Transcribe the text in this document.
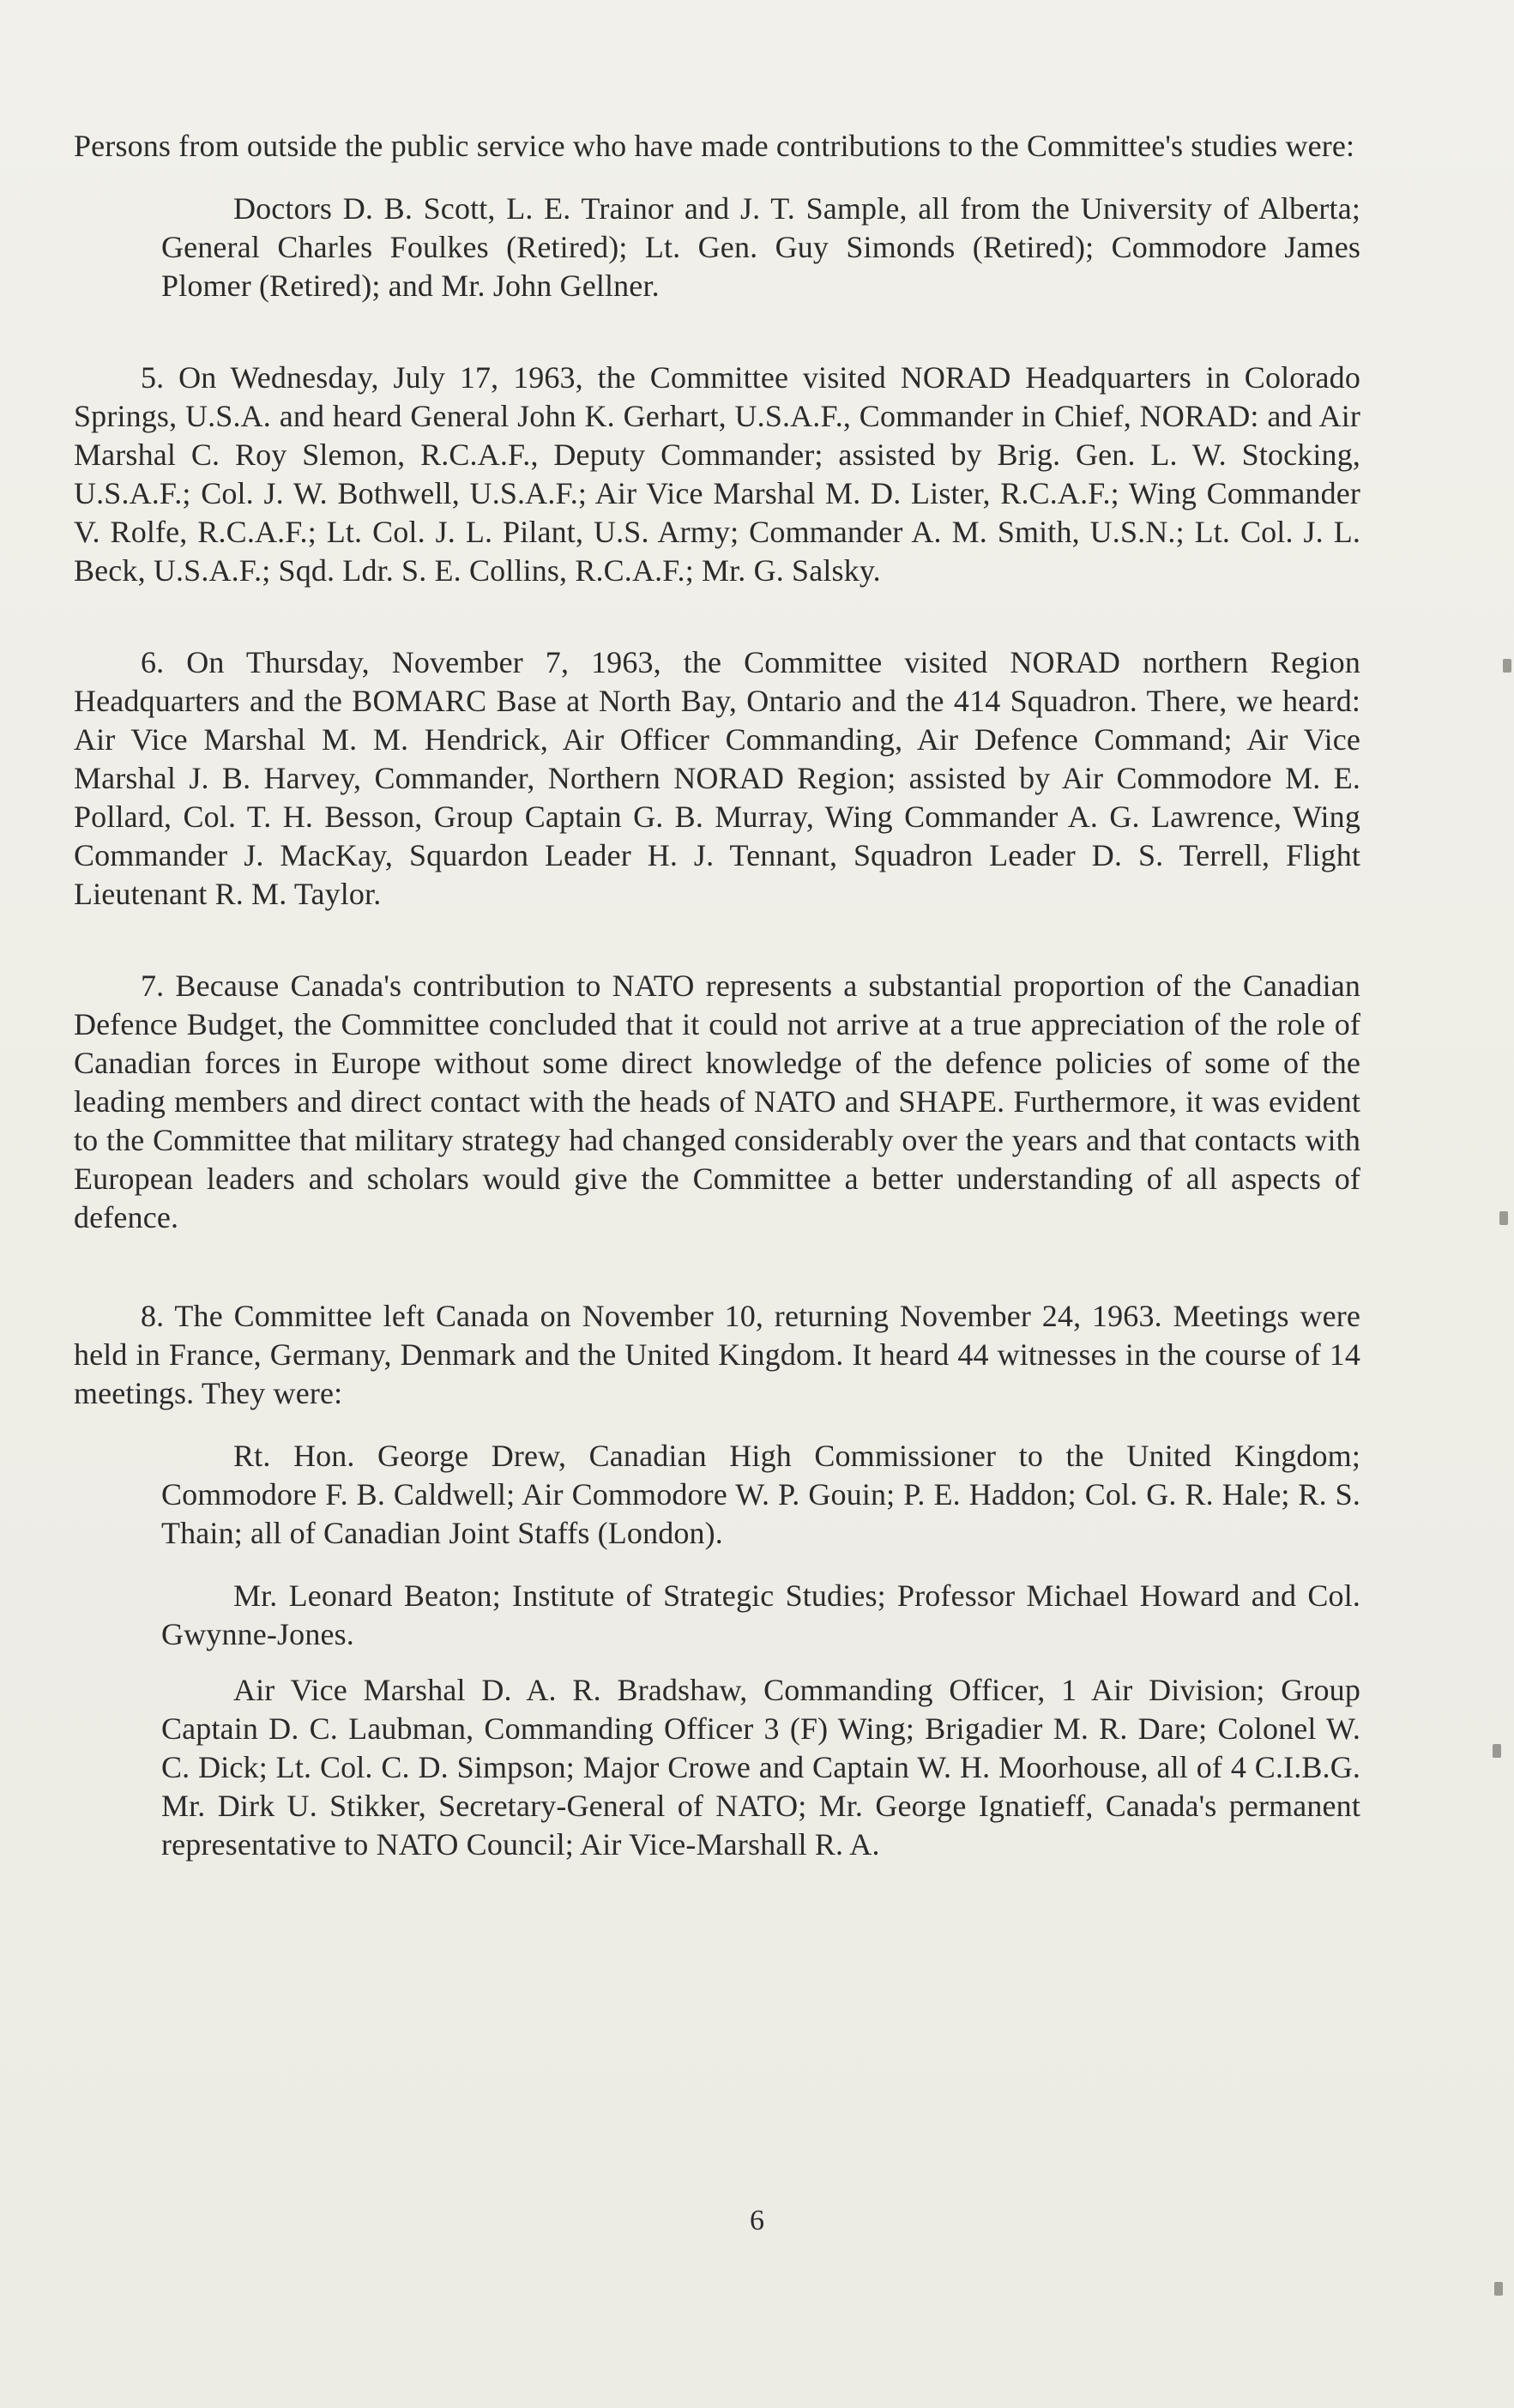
Persons from outside the public service who have made contributions to the Committee's studies were:

Doctors D. B. Scott, L. E. Trainor and J. T. Sample, all from the University of Alberta; General Charles Foulkes (Retired); Lt. Gen. Guy Simonds (Retired); Commodore James Plomer (Retired); and Mr. John Gellner.

5. On Wednesday, July 17, 1963, the Committee visited NORAD Headquarters in Colorado Springs, U.S.A. and heard General John K. Gerhart, U.S.A.F., Commander in Chief, NORAD: and Air Marshal C. Roy Slemon, R.C.A.F., Deputy Commander; assisted by Brig. Gen. L. W. Stocking, U.S.A.F.; Col. J. W. Bothwell, U.S.A.F.; Air Vice Marshal M. D. Lister, R.C.A.F.; Wing Commander V. Rolfe, R.C.A.F.; Lt. Col. J. L. Pilant, U.S. Army; Commander A. M. Smith, U.S.N.; Lt. Col. J. L. Beck, U.S.A.F.; Sqd. Ldr. S. E. Collins, R.C.A.F.; Mr. G. Salsky.

6. On Thursday, November 7, 1963, the Committee visited NORAD northern Region Headquarters and the BOMARC Base at North Bay, Ontario and the 414 Squadron. There, we heard: Air Vice Marshal M. M. Hendrick, Air Officer Commanding, Air Defence Command; Air Vice Marshal J. B. Harvey, Commander, Northern NORAD Region; assisted by Air Commodore M. E. Pollard, Col. T. H. Besson, Group Captain G. B. Murray, Wing Commander A. G. Lawrence, Wing Commander J. MacKay, Squardon Leader H. J. Tennant, Squadron Leader D. S. Terrell, Flight Lieutenant R. M. Taylor.

7. Because Canada's contribution to NATO represents a substantial proportion of the Canadian Defence Budget, the Committee concluded that it could not arrive at a true appreciation of the role of Canadian forces in Europe without some direct knowledge of the defence policies of some of the leading members and direct contact with the heads of NATO and SHAPE. Furthermore, it was evident to the Committee that military strategy had changed considerably over the years and that contacts with European leaders and scholars would give the Committee a better understanding of all aspects of defence.

8. The Committee left Canada on November 10, returning November 24, 1963. Meetings were held in France, Germany, Denmark and the United Kingdom. It heard 44 witnesses in the course of 14 meetings. They were:

Rt. Hon. George Drew, Canadian High Commissioner to the United Kingdom; Commodore F. B. Caldwell; Air Commodore W. P. Gouin; P. E. Haddon; Col. G. R. Hale; R. S. Thain; all of Canadian Joint Staffs (London).

Mr. Leonard Beaton; Institute of Strategic Studies; Professor Michael Howard and Col. Gwynne-Jones.

Air Vice Marshal D. A. R. Bradshaw, Commanding Officer, 1 Air Division; Group Captain D. C. Laubman, Commanding Officer 3 (F) Wing; Brigadier M. R. Dare; Colonel W. C. Dick; Lt. Col. C. D. Simpson; Major Crowe and Captain W. H. Moorhouse, all of 4 C.I.B.G. Mr. Dirk U. Stikker, Secretary-General of NATO; Mr. George Ignatieff, Canada's permanent representative to NATO Council; Air Vice-Marshall R. A.

6
